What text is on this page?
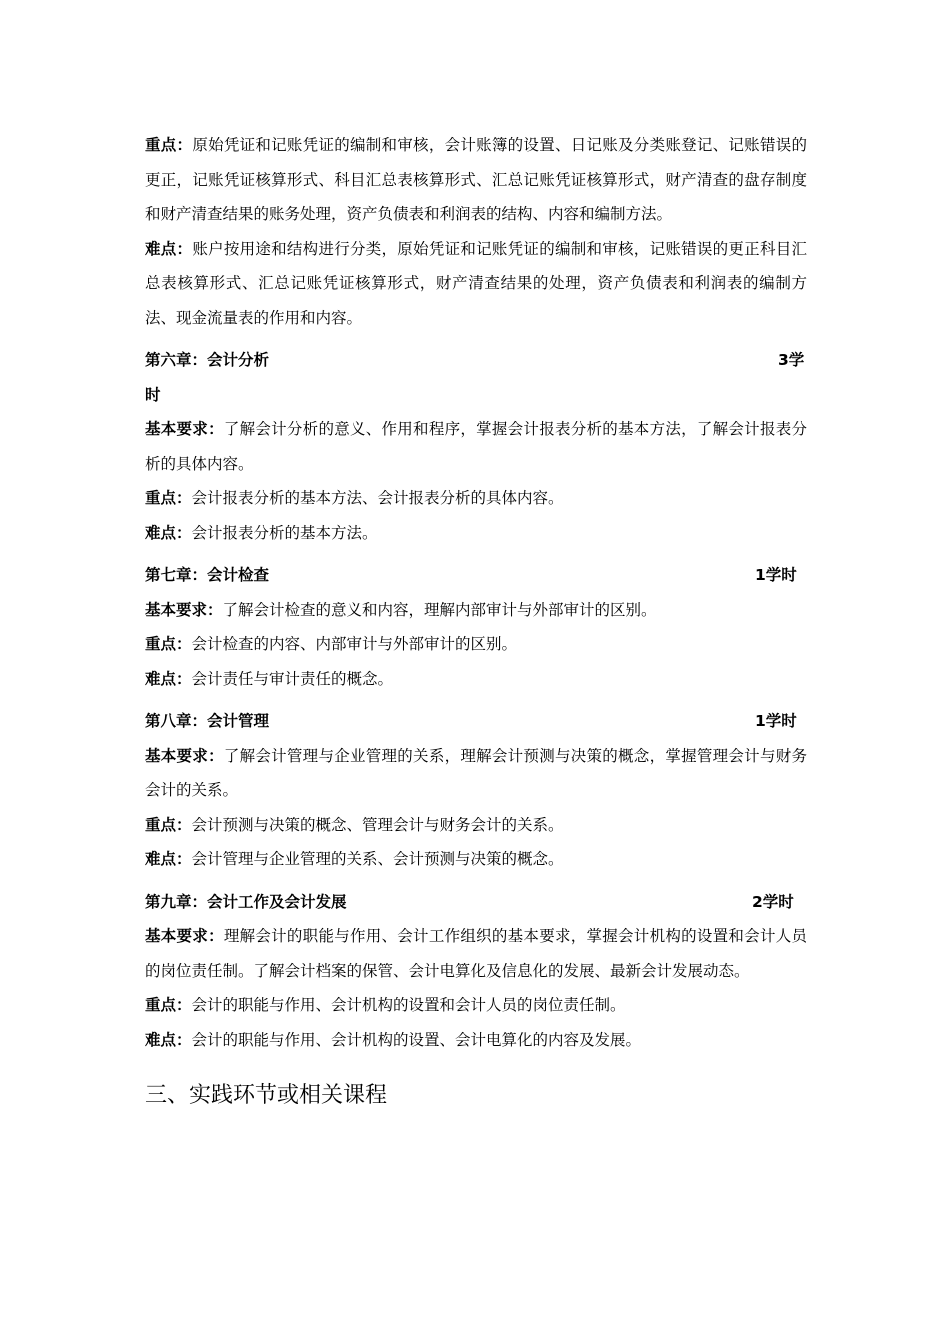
重点：原始凭证和记账凭证的编制和审核，会计账簿的设置、日记账及分类账登记、记账错误的更正，记账凭证核算形式、科目汇总表核算形式、汇总记账凭证核算形式，财产清查的盘存制度和财产清查结果的账务处理，资产负债表和利润表的结构、内容和编制方法。

难点：账户按用途和结构进行分类，原始凭证和记账凭证的编制和审核，记账错误的更正科目汇总表核算形式、汇总记账凭证核算形式，财产清查结果的处理，资产负债表和利润表的编制方法、现金流量表的作用和内容。

第六章：会计分析	3学

时

基本要求：了解会计分析的意义、作用和程序，掌握会计报表分析的基本方法，了解会计报表分析的具体内容。

重点：会计报表分析的基本方法、会计报表分析的具体内容。

难点：会计报表分析的基本方法。

第七章：会计检查	1学时

基本要求：了解会计检查的意义和内容，理解内部审计与外部审计的区别。

重点：会计检查的内容、内部审计与外部审计的区别。

难点：会计责任与审计责任的概念。

第八章：会计管理	1学时

基本要求：了解会计管理与企业管理的关系，理解会计预测与决策的概念，掌握管理会计与财务会计的关系。

重点：会计预测与决策的概念、管理会计与财务会计的关系。

难点：会计管理与企业管理的关系、会计预测与决策的概念。

第九章：会计工作及会计发展	2学时

基本要求：理解会计的职能与作用、会计工作组织的基本要求，掌握会计机构的设置和会计人员的岗位责任制。了解会计档案的保管、会计电算化及信息化的发展、最新会计发展动态。

重点：会计的职能与作用、会计机构的设置和会计人员的岗位责任制。

难点：会计的职能与作用、会计机构的设置、会计电算化的内容及发展。

三、实践环节或相关课程
